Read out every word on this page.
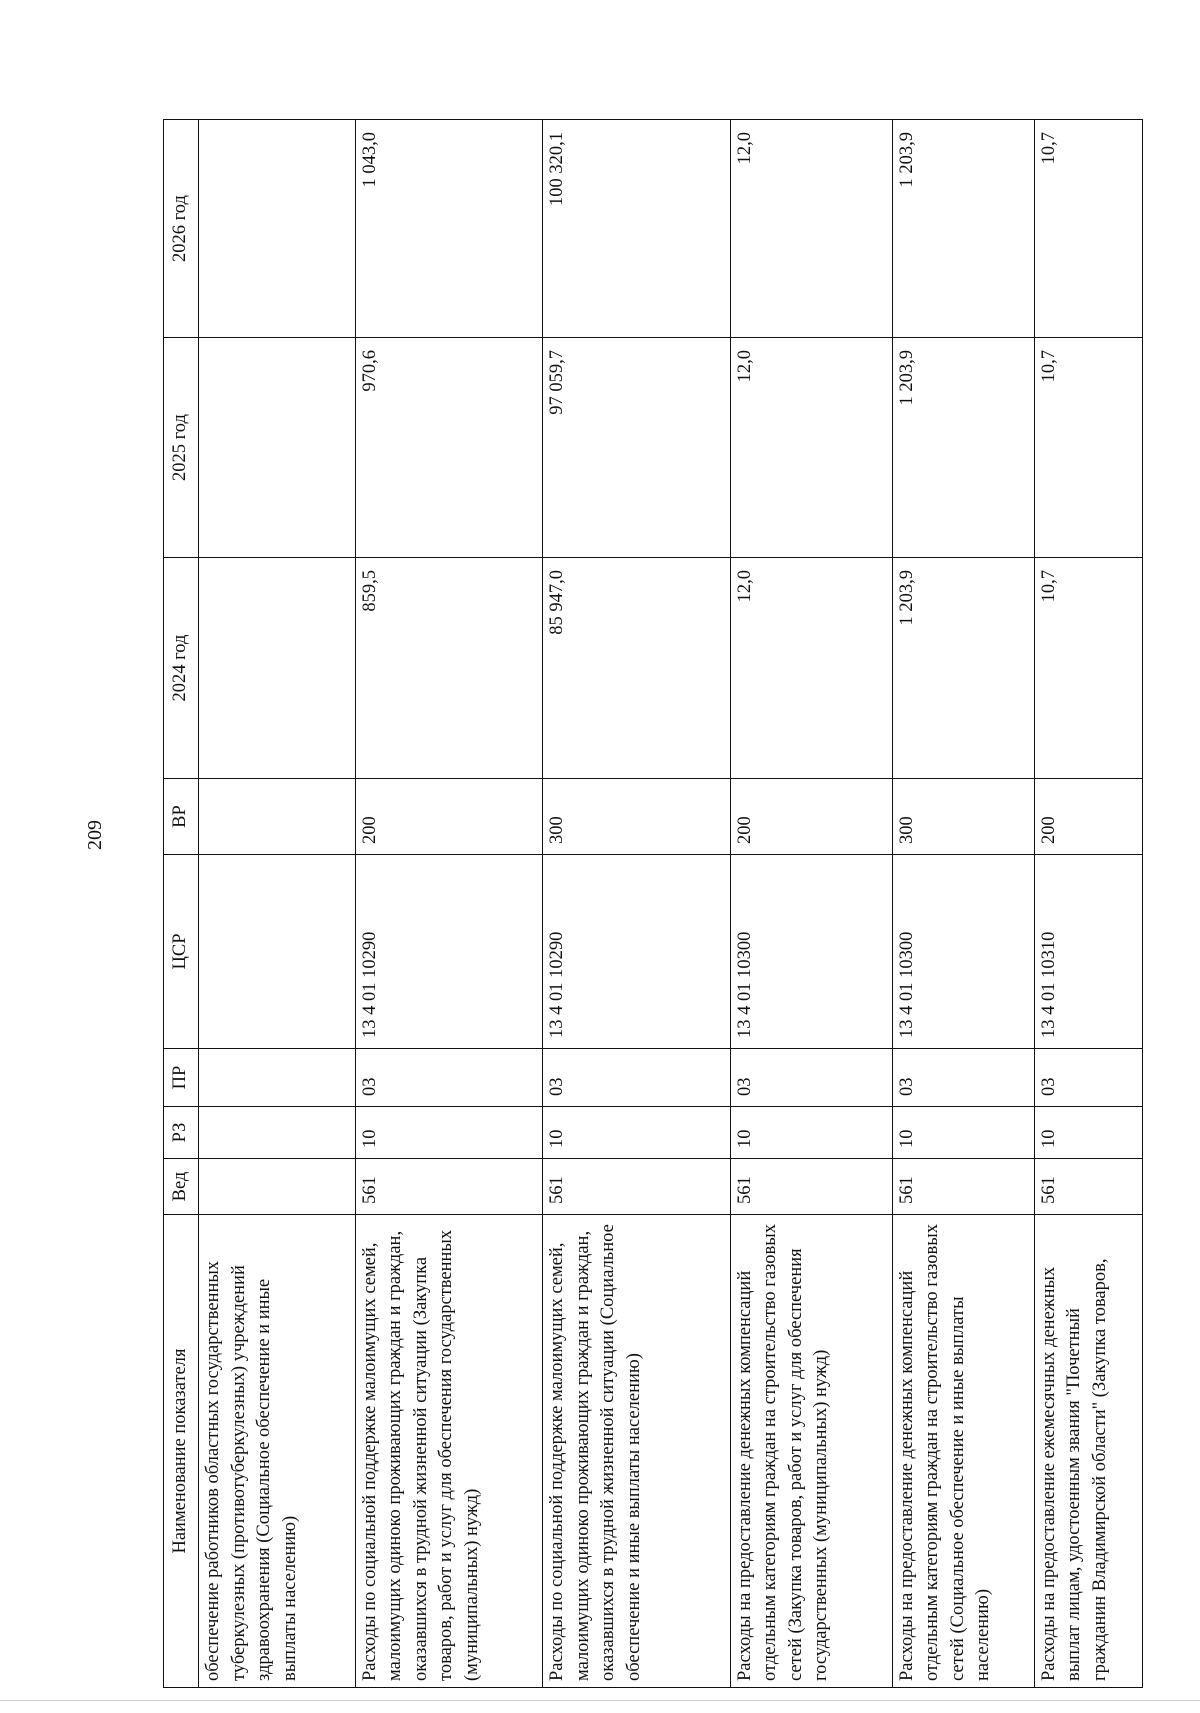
209
Наименование показателя	Вед	РЗ	ПР	ЦСР	ВР	2024 год	2025 год	2026 год
обеспечение работников областных государственных туберкулезных (противотуберкулезных) учреждений здравоохранения (Социальное обеспечение и иные выплаты населению)								
Расходы по социальной поддержке малоимущих семей, малоимущих одиноко проживающих граждан и граждан, оказавшихся в трудной жизненной ситуации (Закупка товаров, работ и услуг для обеспечения государственных (муниципальных) нужд)	561	10	03	13 4 01 10290	200	859,5	970,6	1 043,0
Расходы по социальной поддержке малоимущих семей, малоимущих одиноко проживающих граждан и граждан, оказавшихся в трудной жизненной ситуации (Социальное обеспечение и иные выплаты населению)	561	10	03	13 4 01 10290	300	85 947,0	97 059,7	100 320,1
Расходы на предоставление денежных компенсаций отдельным категориям граждан на строительство газовых сетей (Закупка товаров, работ и услуг для обеспечения государственных (муниципальных) нужд)	561	10	03	13 4 01 10300	200	12,0	12,0	12,0
Расходы на предоставление денежных компенсаций отдельным категориям граждан на строительство газовых сетей (Социальное обеспечение и иные выплаты населению)	561	10	03	13 4 01 10300	300	1 203,9	1 203,9	1 203,9
Расходы на предоставление ежемесячных денежных выплат лицам, удостоенным звания "Почетный гражданин Владимирской области" (Закупка товаров,	561	10	03	13 4 01 10310	200	10,7	10,7	10,7
